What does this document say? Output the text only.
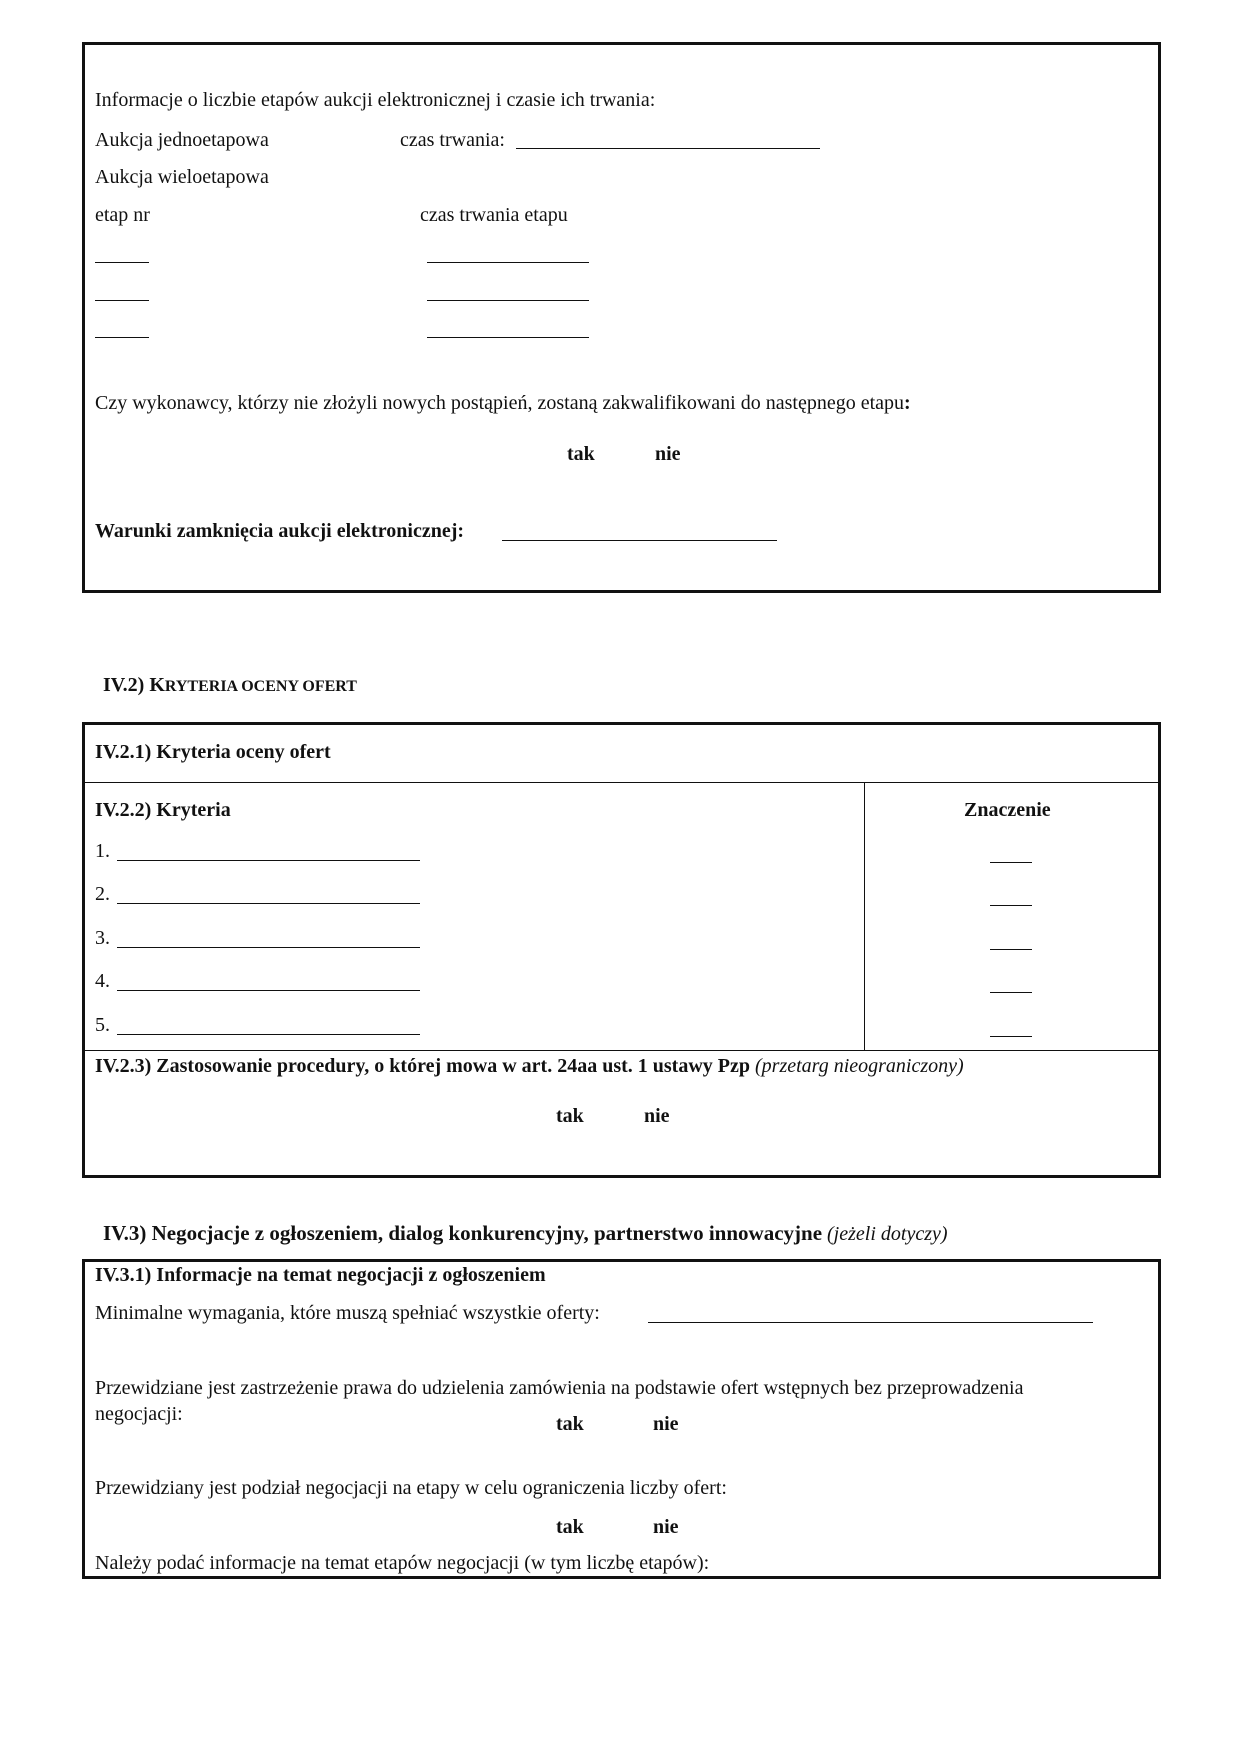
Informacje o liczbie etapów aukcji elektronicznej i czasie ich trwania:
Aukcja jednoetapowa	czas trwania:
Aukcja wieloetapowa
etap nr	czas trwania etapu
Czy wykonawcy, którzy nie złożyli nowych postąpień, zostaną zakwalifikowani do następnego etapu:
tak	nie
Warunki zamknięcia aukcji elektronicznej:
IV.2) KRYTERIA OCENY OFERT
IV.2.1) Kryteria oceny ofert
IV.2.2) Kryteria	Znaczenie
1.
2.
3.
4.
5.
IV.2.3) Zastosowanie procedury, o której mowa w art. 24aa ust. 1 ustawy Pzp (przetarg nieograniczony)
tak	nie
IV.3) Negocjacje z ogłoszeniem, dialog konkurencyjny, partnerstwo innowacyjne (jeżeli dotyczy)
IV.3.1) Informacje na temat negocjacji z ogłoszeniem
Minimalne wymagania, które muszą spełniać wszystkie oferty:
Przewidziane jest zastrzeżenie prawa do udzielenia zamówienia na podstawie ofert wstępnych bez przeprowadzenia
negocjacji:	tak	nie
Przewidziany jest podział negocjacji na etapy w celu ograniczenia liczby ofert:
tak	nie
Należy podać informacje na temat etapów negocjacji (w tym liczbę etapów):
